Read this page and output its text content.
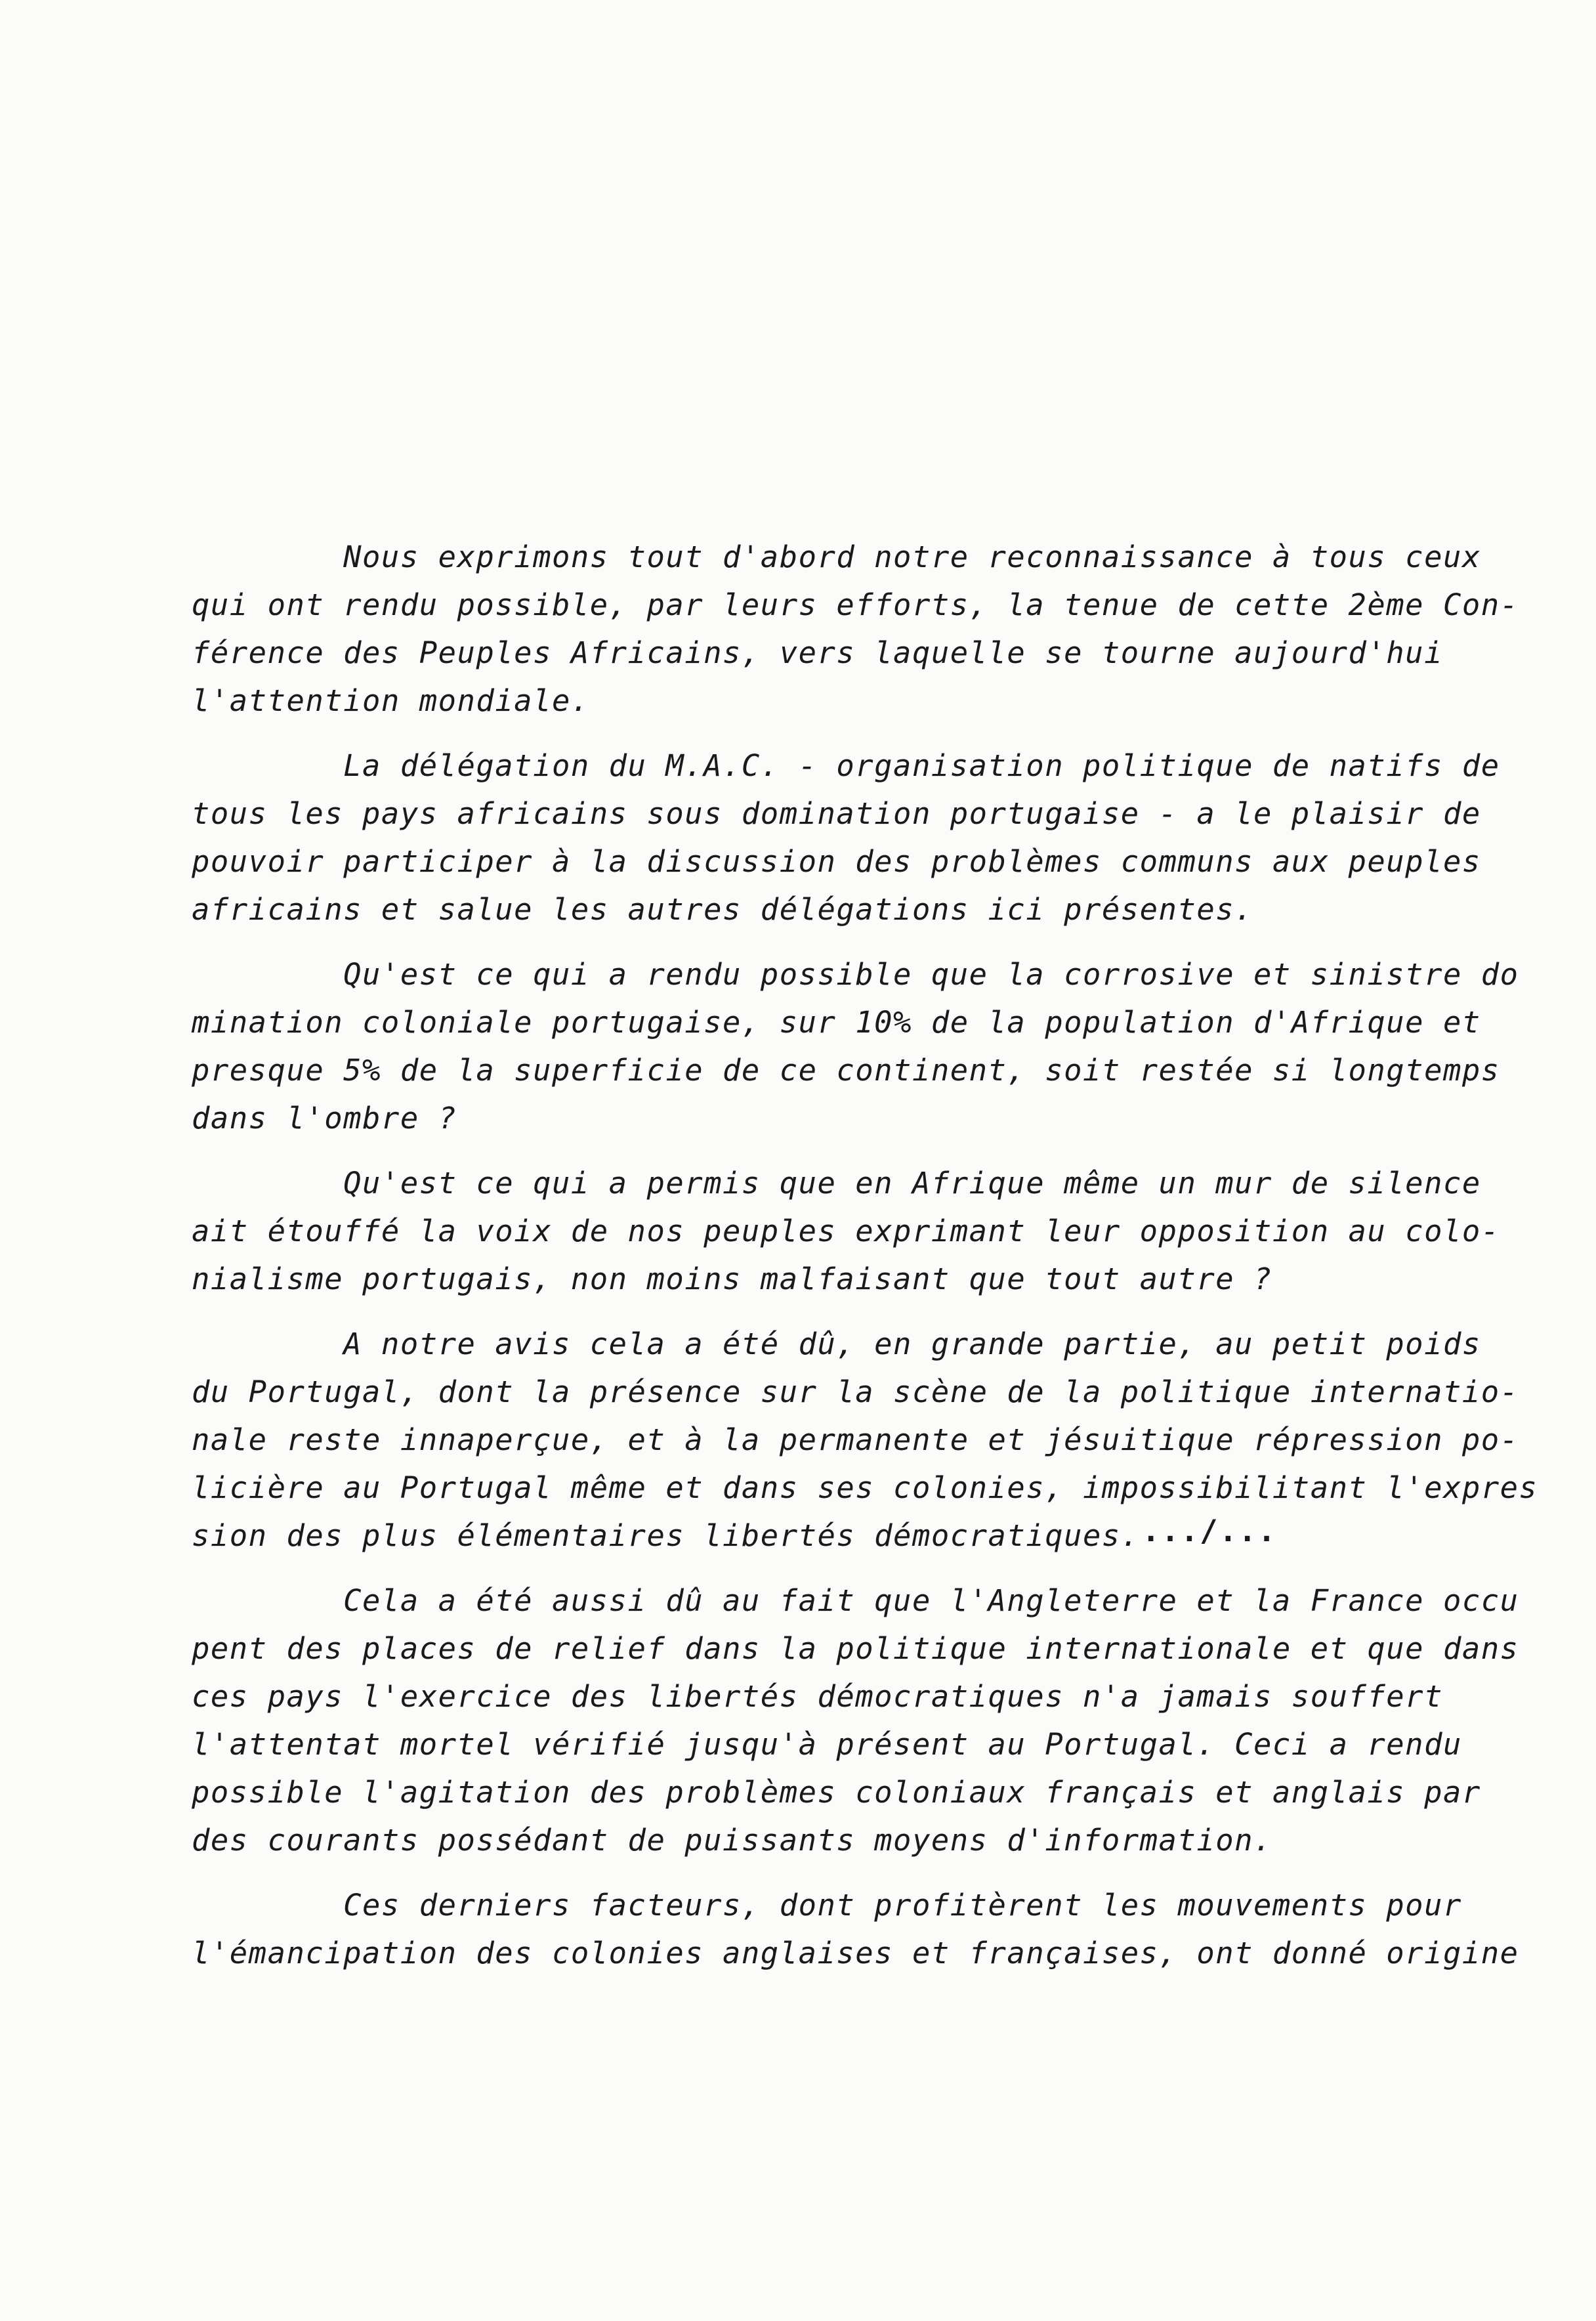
Nous exprimons tout d'abord notre reconnaissance à tous ceux
qui ont rendu possible, par leurs efforts, la tenue de cette 2ème Con-
férence des Peuples Africains, vers laquelle se tourne aujourd'hui
l'attention mondiale.
La délégation du M.A.C. - organisation politique de natifs de
tous les pays africains sous domination portugaise - a le plaisir de
pouvoir participer à la discussion des problèmes communs aux peuples
africains et salue les autres délégations ici présentes.
Qu'est ce qui a rendu possible que la corrosive et sinistre do
mination coloniale portugaise, sur 10% de la population d'Afrique et
presque 5% de la superficie de ce continent, soit restée si longtemps
dans l'ombre ?
Qu'est ce qui a permis que en Afrique même un mur de silence
ait étouffé la voix de nos peuples exprimant leur opposition au colo-
nialisme portugais, non moins malfaisant que tout autre ?
A notre avis cela a été dû, en grande partie, au petit poids
du Portugal, dont la présence sur la scène de la politique internatio-
nale reste innaperçue, et à la permanente et jésuitique répression po-
licière au Portugal même et dans ses colonies, impossibilitant l'expres
sion des plus élémentaires libertés démocratiques.
Cela a été aussi dû au fait que l'Angleterre et la France occu
pent des places de relief dans la politique internationale et que dans
ces pays l'exercice des libertés démocratiques n'a jamais souffert
l'attentat mortel vérifié jusqu'à présent au Portugal. Ceci a rendu
possible l'agitation des problèmes coloniaux français et anglais par
des courants possédant de puissants moyens d'information.
Ces derniers facteurs, dont profitèrent les mouvements pour
l'émancipation des colonies anglaises et françaises, ont donné origine
.../...
